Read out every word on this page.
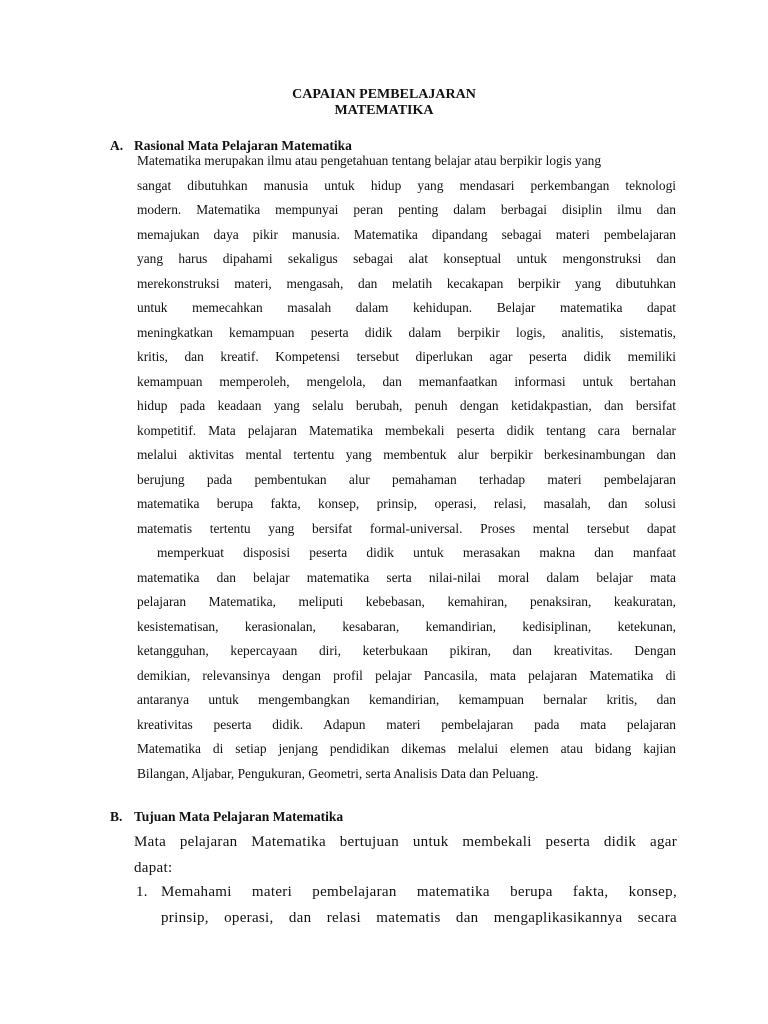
CAPAIAN PEMBELAJARAN
MATEMATIKA
A. Rasional Mata Pelajaran Matematika
Matematika merupakan ilmu atau pengetahuan tentang belajar atau berpikir logis yang
sangat dibutuhkan manusia untuk hidup yang mendasari perkembangan teknologi
modern. Matematika mempunyai peran penting dalam berbagai disiplin ilmu dan
memajukan daya pikir manusia. Matematika dipandang sebagai materi pembelajaran
yang harus dipahami sekaligus sebagai alat konseptual untuk mengonstruksi dan
merekonstruksi materi, mengasah, dan melatih kecakapan berpikir yang dibutuhkan
untuk memecahkan masalah dalam kehidupan. Belajar matematika dapat
meningkatkan kemampuan peserta didik dalam berpikir logis, analitis, sistematis,
kritis, dan kreatif. Kompetensi tersebut diperlukan agar peserta didik memiliki
kemampuan memperoleh, mengelola, dan memanfaatkan informasi untuk bertahan
hidup pada keadaan yang selalu berubah, penuh dengan ketidakpastian, dan bersifat
kompetitif. Mata pelajaran Matematika membekali peserta didik tentang cara bernalar
melalui aktivitas mental tertentu yang membentuk alur berpikir berkesinambungan dan
berujung pada pembentukan alur pemahaman terhadap materi pembelajaran
matematika berupa fakta, konsep, prinsip, operasi, relasi, masalah, dan solusi
matematis tertentu yang bersifat formal-universal. Proses mental tersebut dapat
memperkuat disposisi peserta didik untuk merasakan makna dan manfaat
matematika dan belajar matematika serta nilai-nilai moral dalam belajar mata
pelajaran Matematika, meliputi kebebasan, kemahiran, penaksiran, keakuratan,
kesistematisan, kerasionalan, kesabaran, kemandirian, kedisiplinan, ketekunan,
ketangguhan, kepercayaan diri, keterbukaan pikiran, dan kreativitas. Dengan
demikian, relevansinya dengan profil pelajar Pancasila, mata pelajaran Matematika di
antaranya untuk mengembangkan kemandirian, kemampuan bernalar kritis, dan
kreativitas peserta didik. Adapun materi pembelajaran pada mata pelajaran
Matematika di setiap jenjang pendidikan dikemas melalui elemen atau bidang kajian
Bilangan, Aljabar, Pengukuran, Geometri, serta Analisis Data dan Peluang.
B. Tujuan Mata Pelajaran Matematika
Mata pelajaran Matematika bertujuan untuk membekali peserta didik agar
dapat:
1. Memahami materi pembelajaran matematika berupa fakta, konsep,
prinsip, operasi, dan relasi matematis dan mengaplikasikannya secara
